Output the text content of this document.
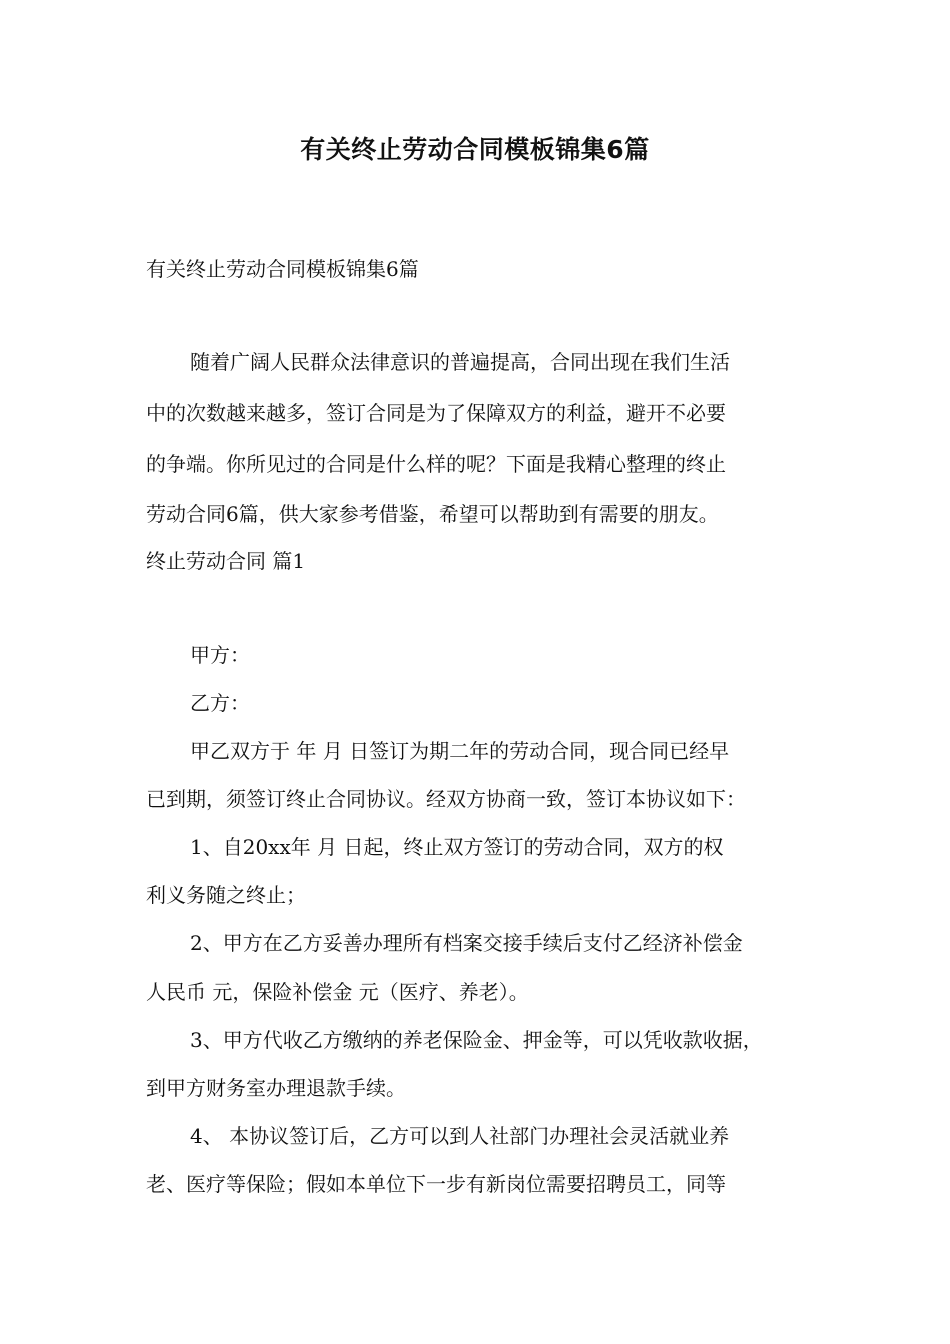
有关终止劳动合同模板锦集6篇
有关终止劳动合同模板锦集6篇
随着广阔人民群众法律意识的普遍提高，合同出现在我们生活
中的次数越来越多，签订合同是为了保障双方的利益，避开不必要
的争端。你所见过的合同是什么样的呢？下面是我精心整理的终止
劳动合同6篇，供大家参考借鉴，希望可以帮助到有需要的朋友。
终止劳动合同 篇1
甲方：
乙方：
甲乙双方于 年 月 日签订为期二年的劳动合同，现合同已经早
已到期，须签订终止合同协议。经双方协商一致，签订本协议如下：
1、自20xx年 月 日起，终止双方签订的劳动合同，双方的权
利义务随之终止；
2、甲方在乙方妥善办理所有档案交接手续后支付乙经济补偿金
人民币 元，保险补偿金 元（医疗、养老）。
3、甲方代收乙方缴纳的养老保险金、押金等，可以凭收款收据，
到甲方财务室办理退款手续。
4、 本协议签订后，乙方可以到人社部门办理社会灵活就业养
老、医疗等保险；假如本单位下一步有新岗位需要招聘员工，同等
